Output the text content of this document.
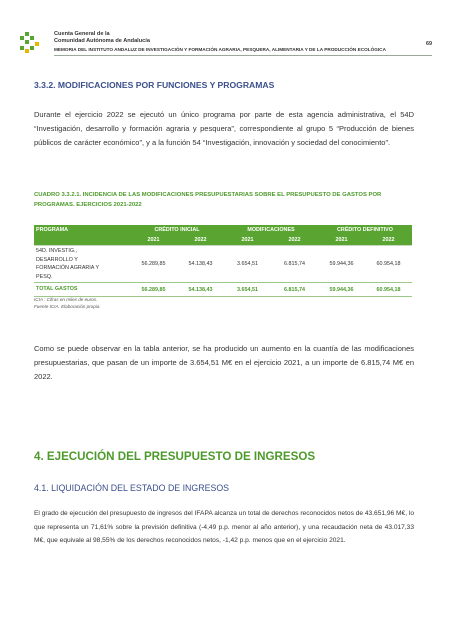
Cuenta General de la
Comunidad Autónoma de Andalucía	69
MEMORIA DEL INSTITUTO ANDALUZ DE INVESTIGACIÓN Y FORMACIÓN AGRARIA, PESQUERA, ALIMENTARIA Y DE LA PRODUCCIÓN ECOLÓGICA
3.3.2. MODIFICACIONES POR FUNCIONES Y PROGRAMAS
Durante el ejercicio 2022 se ejecutó un único programa por parte de esta agencia administrativa, el 54D “Investigación, desarrollo y formación agraria y pesquera”, correspondiente al grupo 5 “Producción de bienes públicos de carácter económico”, y a la función 54 “Investigación, innovación y sociedad del conocimiento”.
CUADRO 3.3.2.1. INCIDENCIA DE LAS MODIFICACIONES PRESUPUESTARIAS SOBRE EL PRESUPUESTO DE GASTOS POR PROGRAMAS. EJERCICIOS 2021-2022
PROGRAMA	CRÉDITO INICIAL		MODIFICACIONES		CRÉDITO DEFINITIVO	
	2021	2022	2021	2022	2021	2022

54D. INVESTIG.,
DESARROLLO Y
FORMACIÓN AGRARIA Y
PESQ.	56.289,85	54.138,43	3.654,51	6.815,74	59.944,36	60.954,18
TOTAL GASTOS	56.289,85	54.138,43	3.654,51	6.815,74	59.944,36	60.954,18
ICIA : Cifras en miles de euros.
Fuente ICIA. Elaboración propia
Como se puede observar en la tabla anterior, se ha producido un aumento en la cuantía de las modificaciones presupuestarias, que pasan de un importe de 3.654,51 M€ en el ejercicio 2021, a un importe de 6.815,74 M€ en 2022.
4. EJECUCIÓN DEL PRESUPUESTO DE INGRESOS
4.1. LIQUIDACIÓN DEL ESTADO DE INGRESOS
El grado de ejecución del presupuesto de ingresos del IFAPA alcanza un total de derechos reconocidos netos de 43.651,96 M€, lo que representa un 71,61% sobre la previsión definitiva (-4,49 p.p. menor al año anterior), y una recaudación neta de 43.017,33 M€, que equivale al 98,55% de los derechos reconocidos netos, -1,42 p.p. menos que en el ejercicio 2021.
